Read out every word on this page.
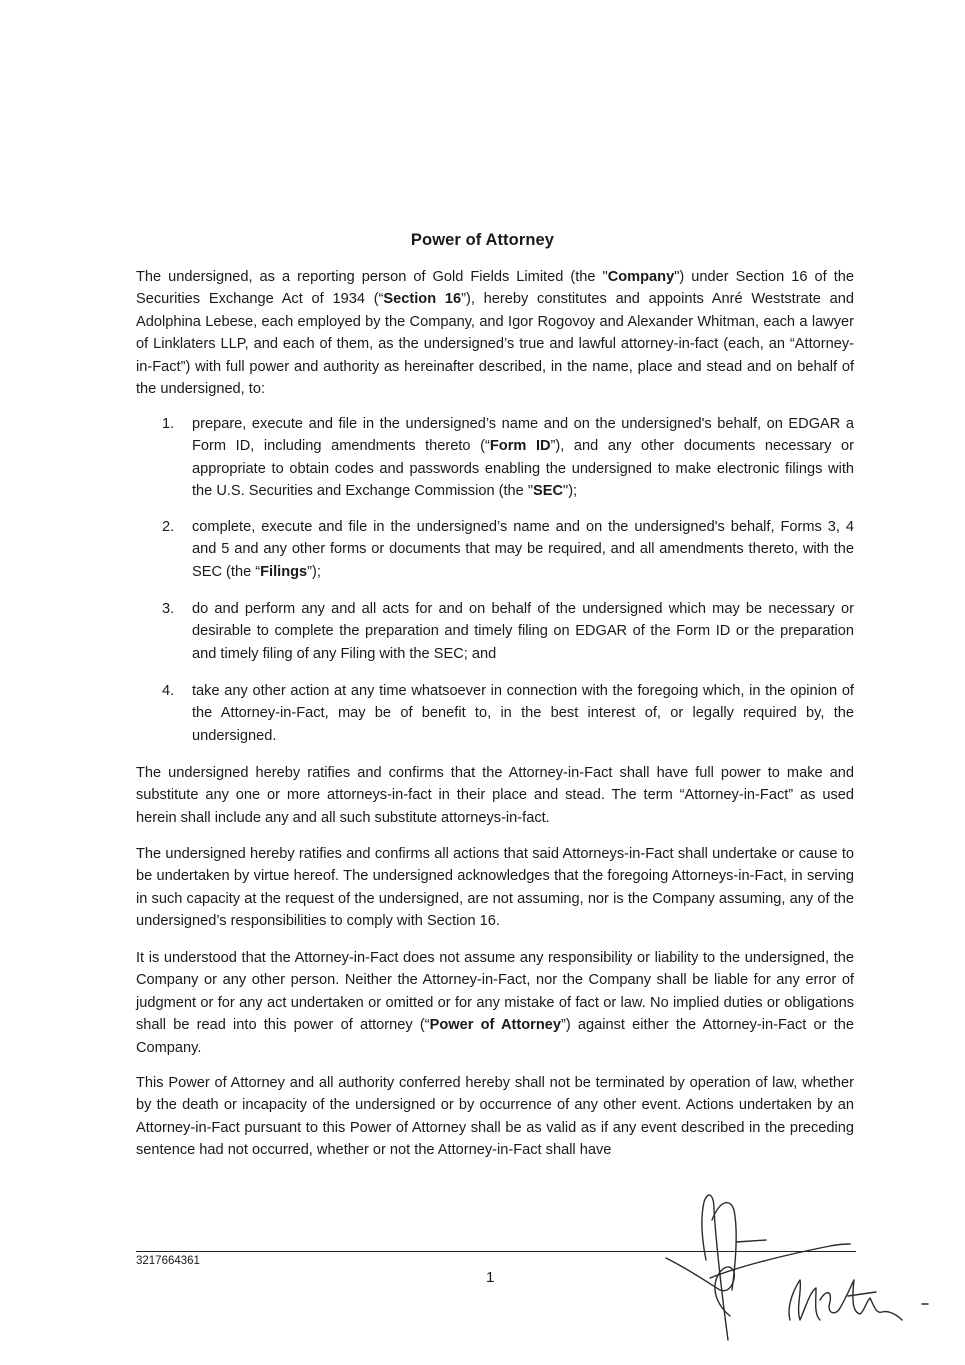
Power of Attorney

The undersigned, as a reporting person of Gold Fields Limited (the "Company") under Section 16 of the Securities Exchange Act of 1934 (“Section 16”), hereby constitutes and appoints Anré Weststrate and Adolphina Lebese, each employed by the Company, and Igor Rogovoy and Alexander Whitman, each a lawyer of Linklaters LLP, and each of them, as the undersigned’s true and lawful attorney-in-fact (each, an “Attorney-in-Fact”) with full power and authority as hereinafter described, in the name, place and stead and on behalf of the undersigned, to:

1. prepare, execute and file in the undersigned’s name and on the undersigned's behalf, on EDGAR a Form ID, including amendments thereto (“Form ID”), and any other documents necessary or appropriate to obtain codes and passwords enabling the undersigned to make electronic filings with the U.S. Securities and Exchange Commission (the "SEC");
2. complete, execute and file in the undersigned’s name and on the undersigned's behalf, Forms 3, 4 and 5 and any other forms or documents that may be required, and all amendments thereto, with the SEC (the “Filings”);
3. do and perform any and all acts for and on behalf of the undersigned which may be necessary or desirable to complete the preparation and timely filing on EDGAR of the Form ID or the preparation and timely filing of any Filing with the SEC; and
4. take any other action at any time whatsoever in connection with the foregoing which, in the opinion of the Attorney-in-Fact, may be of benefit to, in the best interest of, or legally required by, the undersigned.

The undersigned hereby ratifies and confirms that the Attorney-in-Fact shall have full power to make and substitute any one or more attorneys-in-fact in their place and stead. The term “Attorney-in-Fact” as used herein shall include any and all such substitute attorneys-in-fact.

The undersigned hereby ratifies and confirms all actions that said Attorneys-in-Fact shall undertake or cause to be undertaken by virtue hereof. The undersigned acknowledges that the foregoing Attorneys-in-Fact, in serving in such capacity at the request of the undersigned, are not assuming, nor is the Company assuming, any of the undersigned’s responsibilities to comply with Section 16.

It is understood that the Attorney-in-Fact does not assume any responsibility or liability to the undersigned, the Company or any other person. Neither the Attorney-in-Fact, nor the Company shall be liable for any error of judgment or for any act undertaken or omitted or for any mistake of fact or law. No implied duties or obligations shall be read into this power of attorney (“Power of Attorney”) against either the Attorney-in-Fact or the Company.

This Power of Attorney and all authority conferred hereby shall not be terminated by operation of law, whether by the death or incapacity of the undersigned or by occurrence of any other event. Actions undertaken by an Attorney-in-Fact pursuant to this Power of Attorney shall be as valid as if any event described in the preceding sentence had not occurred, whether or not the Attorney-in-Fact shall have

3217664361
1
